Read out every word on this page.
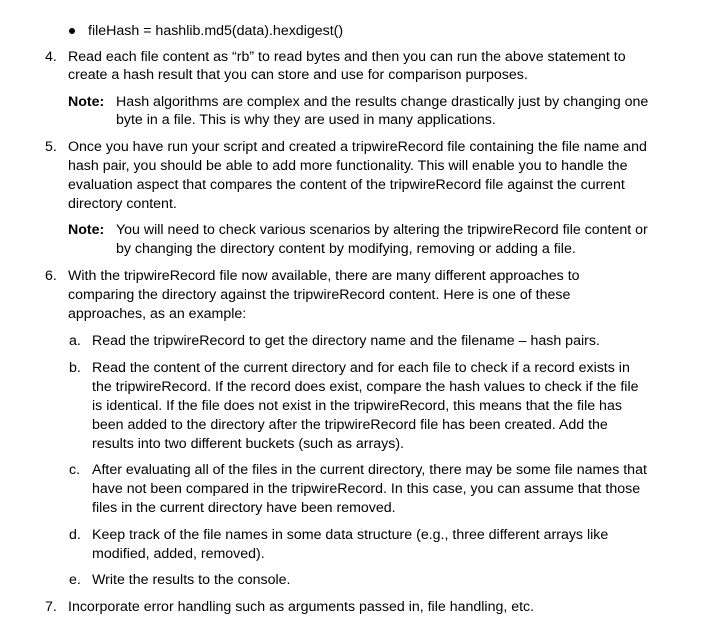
fileHash = hashlib.md5(data).hexdigest()
4. Read each file content as “rb” to read bytes and then you can run the above statement to
create a hash result that you can store and use for comparison purposes.
Note: Hash algorithms are complex and the results change drastically just by changing one
byte in a file. This is why they are used in many applications.
5. Once you have run your script and created a tripwireRecord file containing the file name and
hash pair, you should be able to add more functionality. This will enable you to handle the
evaluation aspect that compares the content of the tripwireRecord file against the current
directory content.
Note: You will need to check various scenarios by altering the tripwireRecord file content or
by changing the directory content by modifying, removing or adding a file.
6. With the tripwireRecord file now available, there are many different approaches to
comparing the directory against the tripwireRecord content. Here is one of these
approaches, as an example:
a. Read the tripwireRecord to get the directory name and the filename – hash pairs.
b. Read the content of the current directory and for each file to check if a record exists in
the tripwireRecord. If the record does exist, compare the hash values to check if the file
is identical. If the file does not exist in the tripwireRecord, this means that the file has
been added to the directory after the tripwireRecord file has been created. Add the
results into two different buckets (such as arrays).
c. After evaluating all of the files in the current directory, there may be some file names that
have not been compared in the tripwireRecord. In this case, you can assume that those
files in the current directory have been removed.
d. Keep track of the file names in some data structure (e.g., three different arrays like
modified, added, removed).
e. Write the results to the console.
7. Incorporate error handling such as arguments passed in, file handling, etc.
